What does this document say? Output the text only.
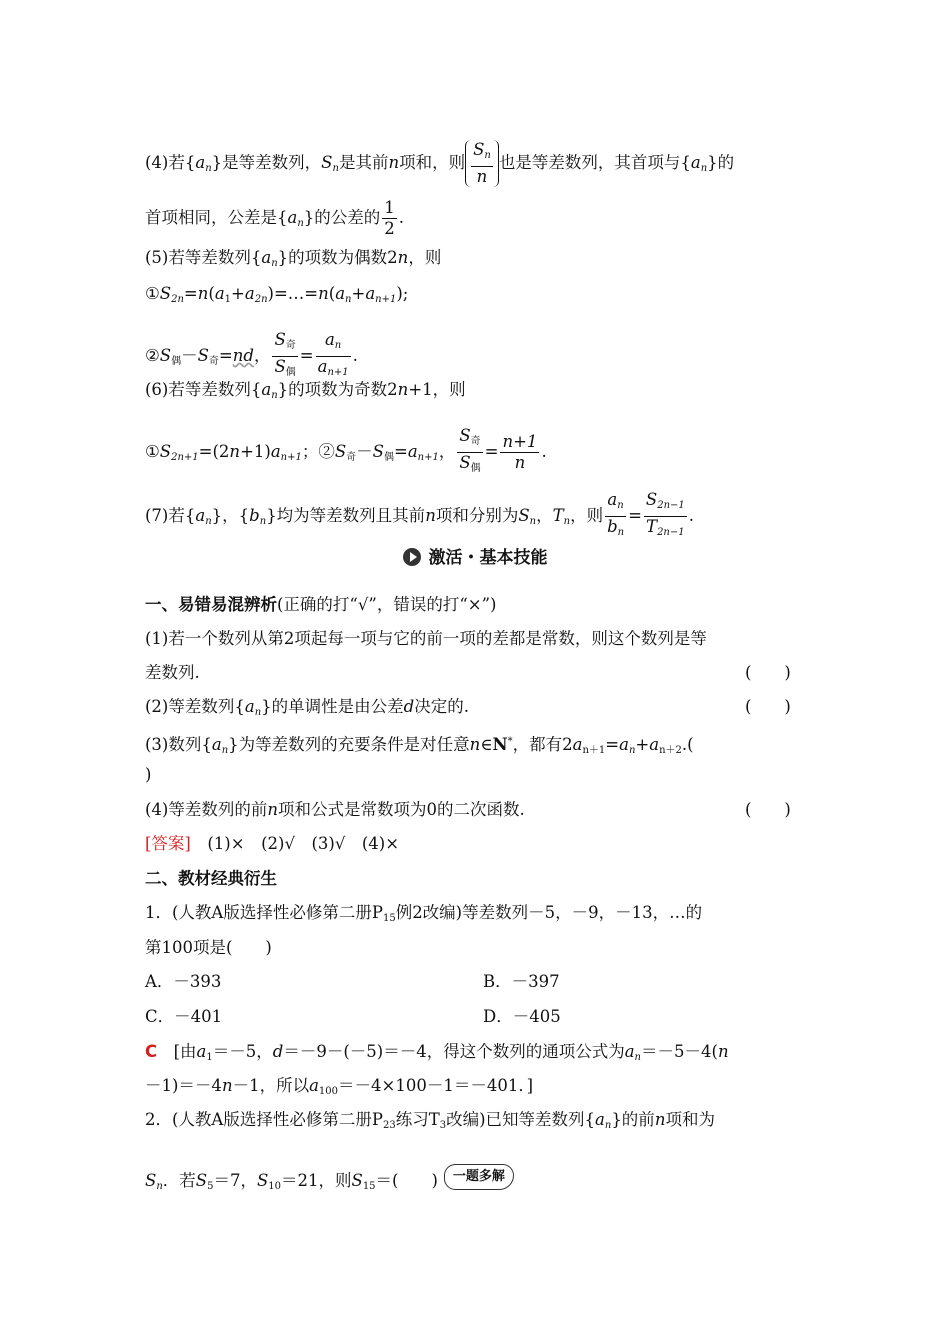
(4)若$\{a_n\}$是等差数列，$S_n$是其前n项和，则 $\frac{S_n}{n}$ 也是等差数列，其首项与$\{a_n\}$的
首项相同，公差是$\{a_n\}$的公差的 $\frac{1}{2}$ .
(5)若等差数列$\{a_n\}$的项数为偶数2n，则
$①S_{2n}=n(a_1+a_{2n})=\dots=n(a_n+a_{n+1})$;
$②S_偶-S_奇=nd$， $\frac{S_奇}{S_偶} = \frac{a_n}{a_{n+1}}$ .
(6)若等差数列$\{a_n\}$的项数为奇数2n+1，则
$①S_{2n+1}=(2n+1)a_{n+1}$；$②S_奇-S_偶=a_{n+1}$， $\frac{S_奇}{S_偶} = \frac{n+1}{n}$ .
(7)若$\{a_n\}$，$\{b_n\}$均为等差数列且其前n项和分别为$S_n$，$T_n$，则 $\frac{a_n}{b_n} = \frac{S_{2n-1}}{T_{2n-1}}$ .
激活・基本技能
一、易错易混辨析(正确的打“√”，错误的打“×”)
(1)若一个数列从第2项起每一项与它的前一项的差都是常数，则这个数列是等
差数列.	(　　)
(2)等差数列$\{a_n\}$的单调性是由公差d决定的.	(　　)
(3)数列$\{a_n\}$为等差数列的充要条件是对任意n∈N*，都有$2a_{n+1}=a_n+a_{n+2}$.(
)
(4)等差数列的前n项和公式是常数项为0的二次函数.	(　　)
[答案]　(1)×　(2)√　(3)√　(4)×
二、教材经典衍生
1．(人教A版选择性必修第二册$P_{15}$例2改编)等差数列－5，－9，－13，…的
第100项是(　　)
A．－393	B．－397
C．－401	D．－405
C　[由$a_1=-5$，d＝－9－(－5)＝－4，得这个数列的通项公式为$a_n=-5-4(n$
－1)＝－4n－1，所以$a_{100}=-4\times 100-1=-401$．]
2．(人教A版选择性必修第二册$P_{23}$练习$T_3$改编)已知等差数列$\{a_n\}$的前n项和为
$S_n$．若$S_5=7$，$S_{10}=21$，则$S_{15}=$(　　) 一题多解
